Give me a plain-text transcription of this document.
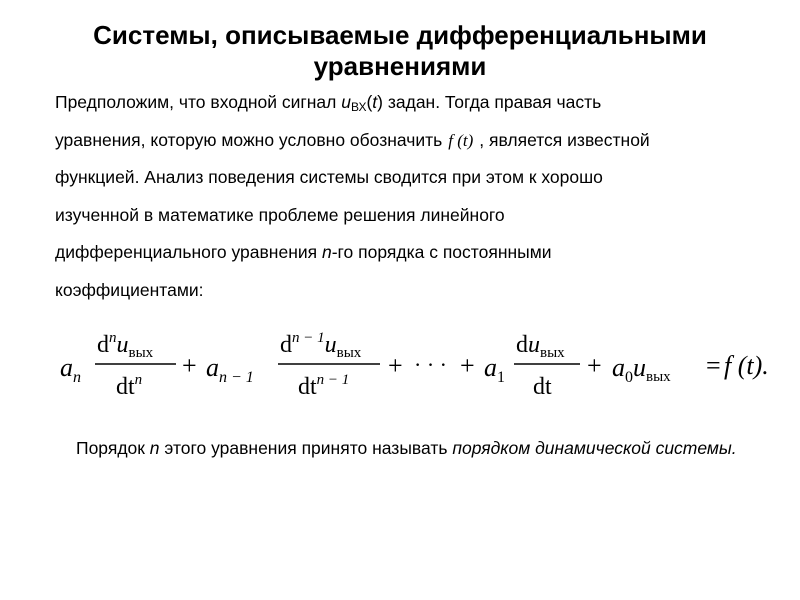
Системы, описываемые дифференциальными
уравнениями
Предположим, что входной сигнал $u_{ВХ}(t)$ задан. Тогда правая часть
уравнения, которую можно условно обозначить f (t) , является известной
функцией. Анализ поведения системы сводится при этом к хорошо
изученной в математике проблеме решения линейного
дифференциального уравнения n-го порядка с постоянными
коэффициентами:
$a_n$
$d^nu_{вых}$
$dt^n + a_{n - 1}$
$d^{n - 1}u_{вых}$
$dt^{n - 1}$ + · · · + $a_1$
$du_{вых}$
dt
+ $a_0uвых = f$ (t).
Порядок n этого уравнения принято называть порядком динамической системы.
